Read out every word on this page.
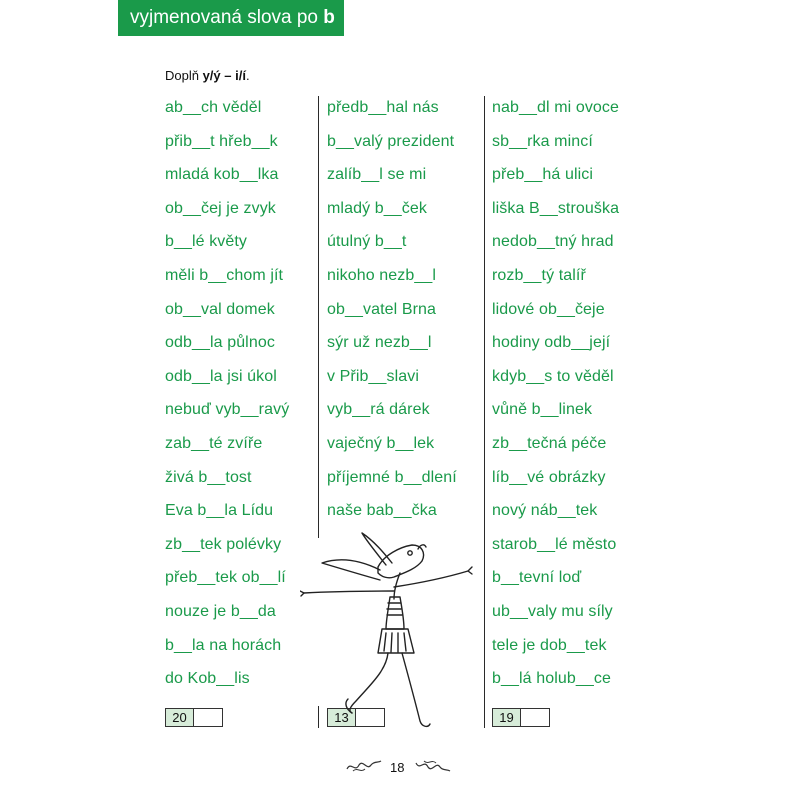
vyjmenovaná slova po b
Doplň y/ý – i/í.
ab__ch věděl
přib__t hřeb__k
mladá kob__lka
ob__čej je zvyk
b__lé květy
měli b__chom jít
ob__val domek
odb__la půlnoc
odb__la jsi úkol
nebuď vyb__ravý
zab__té zvíře
živá b__tost
Eva b__la Lídu
zb__tek polévky
přeb__tek ob__lí
nouze je b__da
b__la na horách
do Kob__lis
předb__hal nás
b__valý prezident
zalíb__l se mi
mladý b__ček
útulný b__t
nikoho nezb__l
ob__vatel Brna
sýr už nezb__l
v Přib__slavi
vyb__rá dárek
vaječný b__lek
příjemné b__dlení
naše bab__čka
nab__dl mi ovoce
sb__rka mincí
přeb__há ulici
liška B__strouška
nedob__tný hrad
rozb__tý talíř
lidové ob__čeje
hodiny odb__její
kdyb__s to věděl
vůně b__linek
zb__tečná péče
líb__vé obrázky
nový náb__tek
starob__lé město
b__tevní loď
ub__valy mu síly
tele je dob__tek
b__lá holub__ce
20	13	19
18
